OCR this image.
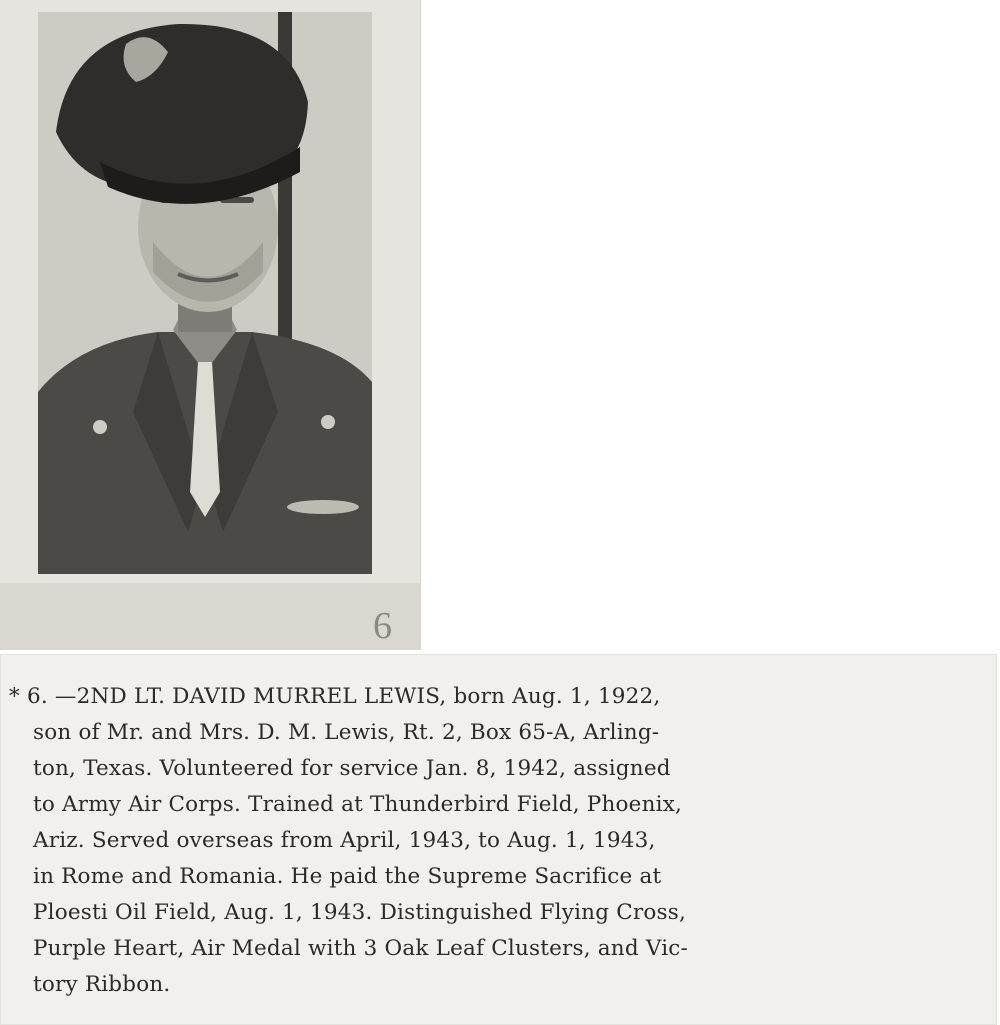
6

* 6. —2ND LT. DAVID MURREL LEWIS, born Aug. 1, 1922,
son of Mr. and Mrs. D. M. Lewis, Rt. 2, Box 65-A, Arling-
ton, Texas. Volunteered for service Jan. 8, 1942, assigned
to Army Air Corps. Trained at Thunderbird Field, Phoenix,
Ariz. Served overseas from April, 1943, to Aug. 1, 1943,
in Rome and Romania. He paid the Supreme Sacrifice at
Ploesti Oil Field, Aug. 1, 1943. Distinguished Flying Cross,
Purple Heart, Air Medal with 3 Oak Leaf Clusters, and Vic-
tory Ribbon.
